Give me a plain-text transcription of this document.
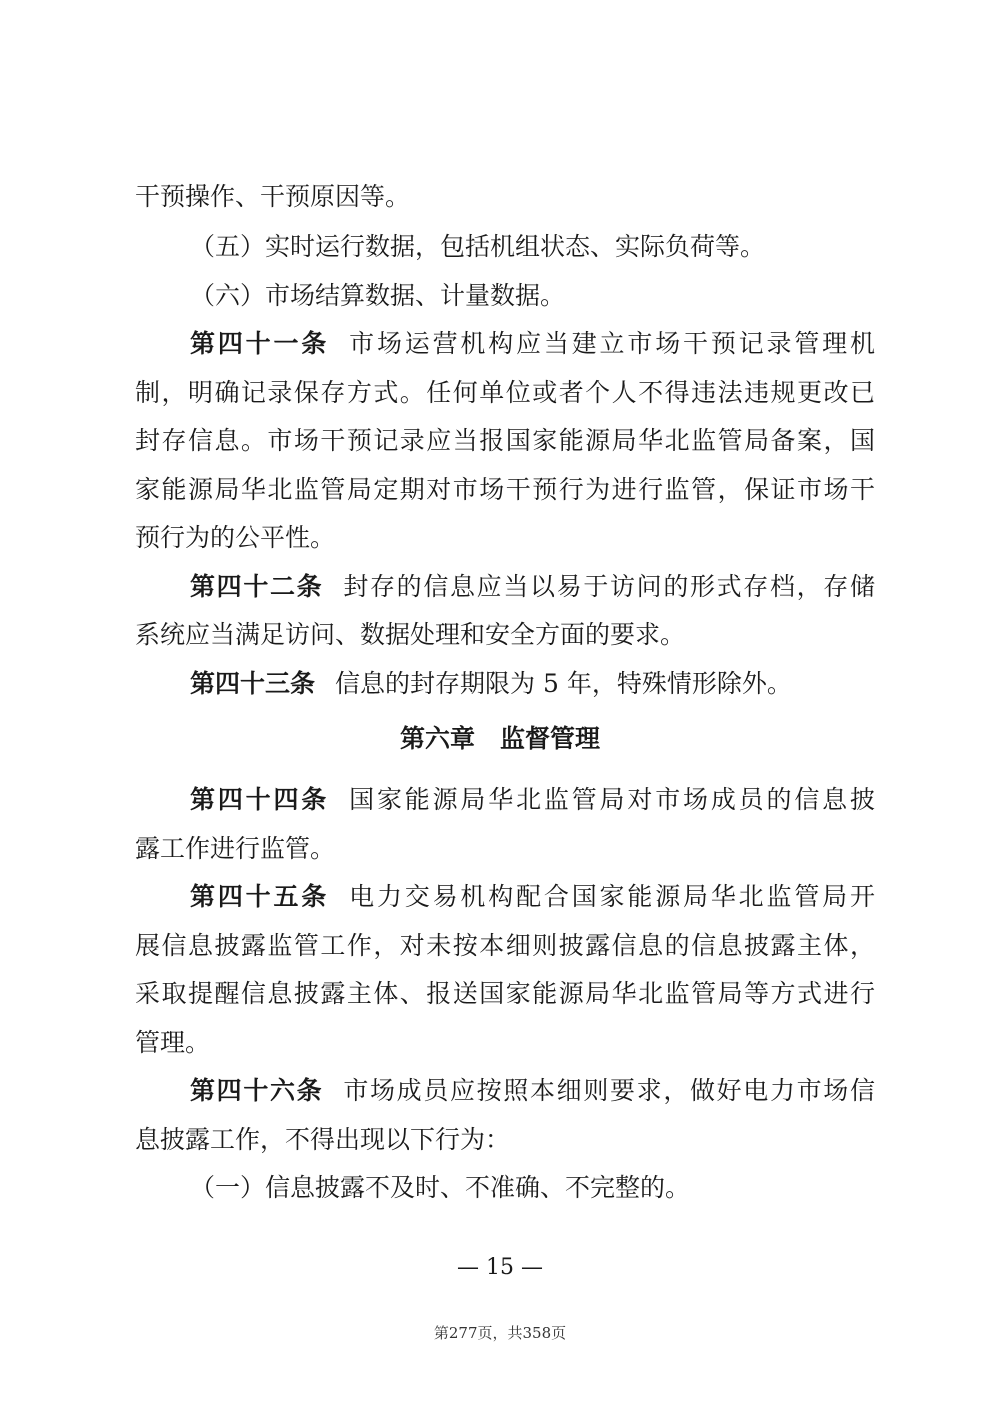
干预操作、干预原因等。
（五）实时运行数据，包括机组状态、实际负荷等。
（六）市场结算数据、计量数据。
第四十一条 市场运营机构应当建立市场干预记录管理机
制，明确记录保存方式。任何单位或者个人不得违法违规更改已
封存信息。市场干预记录应当报国家能源局华北监管局备案，国
家能源局华北监管局定期对市场干预行为进行监管，保证市场干
预行为的公平性。
第四十二条 封存的信息应当以易于访问的形式存档，存储
系统应当满足访问、数据处理和安全方面的要求。
第四十三条 信息的封存期限为 5 年，特殊情形除外。
第六章　监督管理
第四十四条 国家能源局华北监管局对市场成员的信息披
露工作进行监管。
第四十五条 电力交易机构配合国家能源局华北监管局开
展信息披露监管工作，对未按本细则披露信息的信息披露主体，
采取提醒信息披露主体、报送国家能源局华北监管局等方式进行
管理。
第四十六条 市场成员应按照本细则要求，做好电力市场信
息披露工作，不得出现以下行为：
（一）信息披露不及时、不准确、不完整的。
— 15 —
第277页，共358页
